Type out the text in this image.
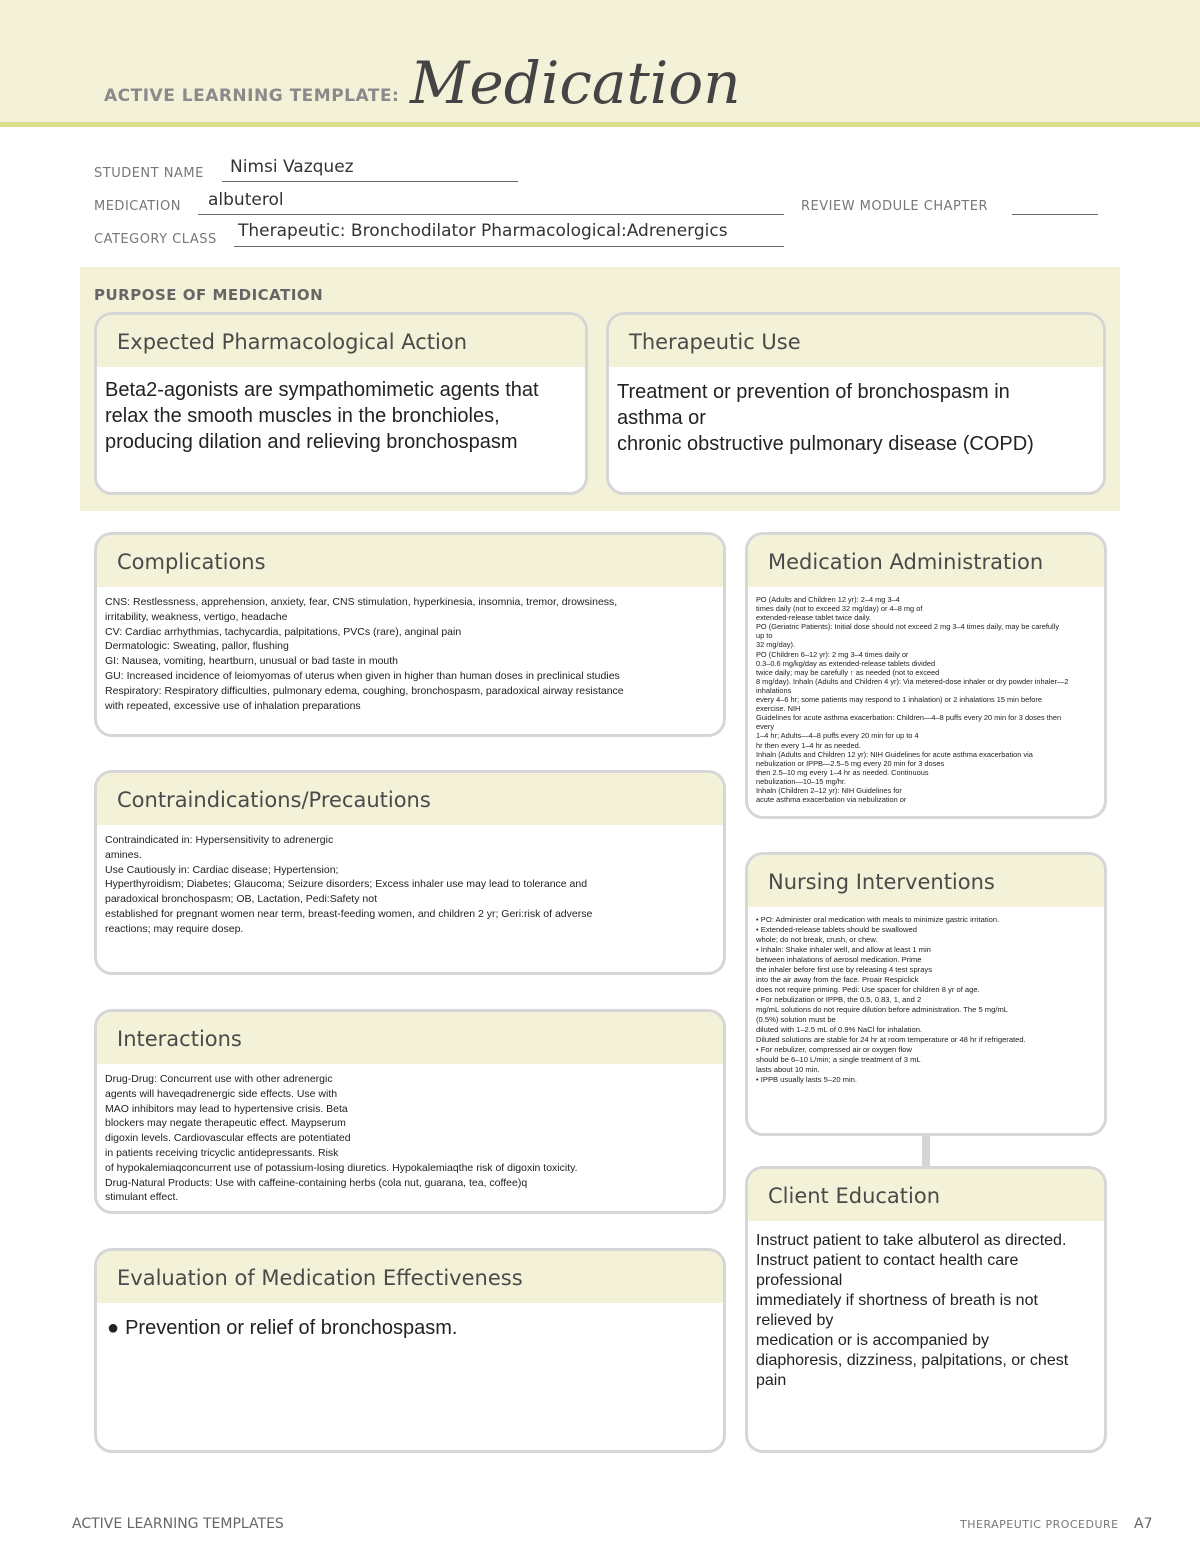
ACTIVE LEARNING TEMPLATE: Medication
STUDENT NAME Nimsi Vazquez
MEDICATION albuterol	REVIEW MODULE CHAPTER
CATEGORY CLASS Therapeutic: Bronchodilator Pharmacological:Adrenergics
PURPOSE OF MEDICATION
Expected Pharmacological Action
Beta2-agonists are sympathomimetic agents that
relax the smooth muscles in the bronchioles,
producing dilation and relieving bronchospasm
Therapeutic Use
Treatment or prevention of bronchospasm in
asthma or
chronic obstructive pulmonary disease (COPD)
Complications
CNS: Restlessness, apprehension, anxiety, fear, CNS stimulation, hyperkinesia, insomnia, tremor, drowsiness,
irritability, weakness, vertigo, headache
CV: Cardiac arrhythmias, tachycardia, palpitations, PVCs (rare), anginal pain
Dermatologic: Sweating, pallor, flushing
GI: Nausea, vomiting, heartburn, unusual or bad taste in mouth
GU: Increased incidence of leiomyomas of uterus when given in higher than human doses in preclinical studies
Respiratory: Respiratory difficulties, pulmonary edema, coughing, bronchospasm, paradoxical airway resistance
with repeated, excessive use of inhalation preparations
Contraindications/Precautions
Contraindicated in: Hypersensitivity to adrenergic
amines.
Use Cautiously in: Cardiac disease; Hypertension;
Hyperthyroidism; Diabetes; Glaucoma; Seizure disorders; Excess inhaler use may lead to tolerance and
paradoxical bronchospasm; OB, Lactation, Pedi:Safety not
established for pregnant women near term, breast-feeding women, and children 2 yr; Geri:risk of adverse
reactions; may require dosep.
Interactions
Drug-Drug: Concurrent use with other adrenergic
agents will haveqadrenergic side effects. Use with
MAO inhibitors may lead to hypertensive crisis. Beta
blockers may negate therapeutic effect. Maypserum
digoxin levels. Cardiovascular effects are potentiated
in patients receiving tricyclic antidepressants. Risk
of hypokalemiaqconcurrent use of potassium-losing diuretics. Hypokalemiaqthe risk of digoxin toxicity.
Drug-Natural Products: Use with caffeine-containing herbs (cola nut, guarana, tea, coffee)q
stimulant effect.
Evaluation of Medication Effectiveness
● Prevention or relief of bronchospasm.
Medication Administration
PO (Adults and Children 12 yr): 2–4 mg 3–4
times daily (not to exceed 32 mg/day) or 4–8 mg of
extended-release tablet twice daily.
PO (Geriatric Patients): Initial dose should not exceed 2 mg 3–4 times daily, may be carefully
up to
32 mg/day).
PO (Children 6–12 yr): 2 mg 3–4 times daily or
0.3–0.6 mg/kg/day as extended-release tablets divided
twice daily; may be carefully ↑ as needed (not to exceed
8 mg/day). Inhaln (Adults and Children 4 yr): Via metered-dose inhaler or dry powder inhaler—2
inhalations
every 4–6 hr; some patients may respond to 1 inhalation) or 2 inhalations 15 min before
exercise. NIH
Guidelines for acute asthma exacerbation: Children—4–8 puffs every 20 min for 3 doses then
every
1–4 hr; Adults—4–8 puffs every 20 min for up to 4
hr then every 1–4 hr as needed.
Inhaln (Adults and Children 12 yr): NIH Guidelines for acute asthma exacerbation via
nebulization or IPPB—2.5–5 mg every 20 min for 3 doses
then 2.5–10 mg every 1–4 hr as needed. Continuous
nebulization—10–15 mg/hr.
Inhaln (Children 2–12 yr): NIH Guidelines for
acute asthma exacerbation via nebulization or
Nursing Interventions
• PO: Administer oral medication with meals to minimize gastric irritation.
• Extended-release tablets should be swallowed
whole; do not break, crush, or chew.
• Inhaln: Shake inhaler well, and allow at least 1 min
between inhalations of aerosol medication. Prime
the inhaler before first use by releasing 4 test sprays
into the air away from the face. Proair Respiclick
does not require priming. Pedi: Use spacer for children 8 yr of age.
• For nebulization or IPPB, the 0.5, 0.83, 1, and 2
mg/mL solutions do not require dilution before administration. The 5 mg/mL
(0.5%) solution must be
diluted with 1–2.5 mL of 0.9% NaCl for inhalation.
Diluted solutions are stable for 24 hr at room temperature or 48 hr if refrigerated.
• For nebulizer, compressed air or oxygen flow
should be 6–10 L/min; a single treatment of 3 mL
lasts about 10 min.
• IPPB usually lasts 5–20 min.
Client Education
Instruct patient to take albuterol as directed.
Instruct patient to contact health care
professional
immediately if shortness of breath is not
relieved by
medication or is accompanied by
diaphoresis, dizziness, palpitations, or chest
pain
ACTIVE LEARNING TEMPLATES	THERAPEUTIC PROCEDURE A7
